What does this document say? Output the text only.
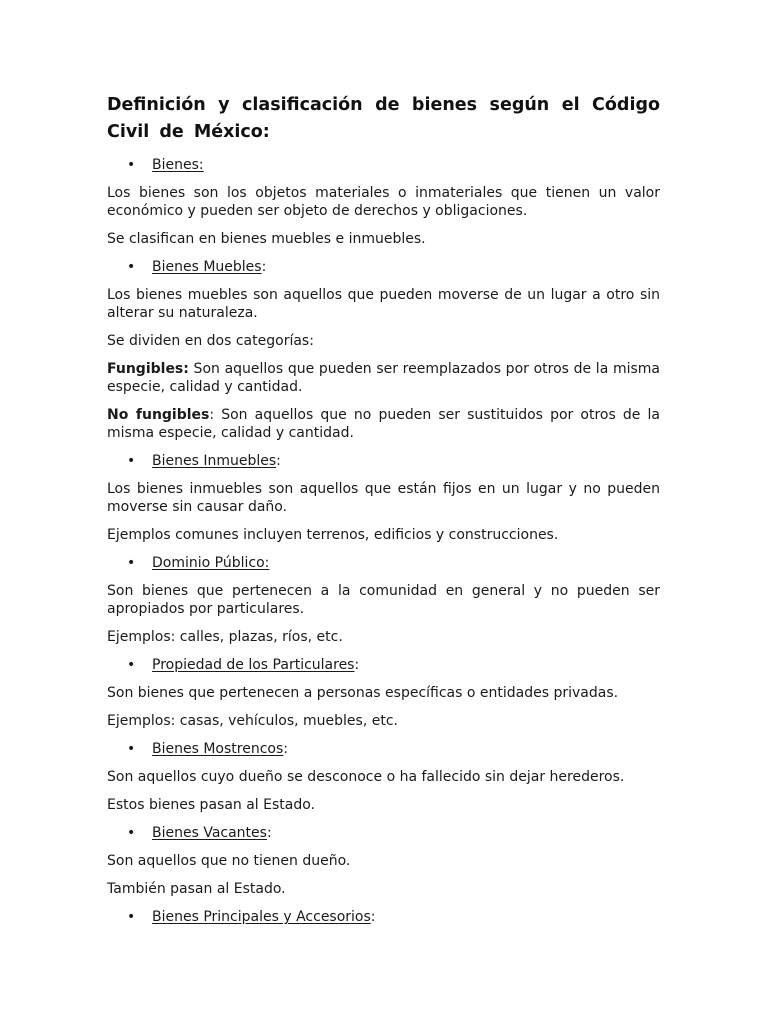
Definición y clasificación de bienes según el Código Civil de México:
• Bienes:

Los bienes son los objetos materiales o inmateriales que tienen un valor económico y pueden ser objeto de derechos y obligaciones.

Se clasifican en bienes muebles e inmuebles.

• Bienes Muebles:

Los bienes muebles son aquellos que pueden moverse de un lugar a otro sin alterar su naturaleza.

Se dividen en dos categorías:

Fungibles: Son aquellos que pueden ser reemplazados por otros de la misma especie, calidad y cantidad.

No fungibles: Son aquellos que no pueden ser sustituidos por otros de la misma especie, calidad y cantidad.

• Bienes Inmuebles:

Los bienes inmuebles son aquellos que están fijos en un lugar y no pueden moverse sin causar daño.

Ejemplos comunes incluyen terrenos, edificios y construcciones.

• Dominio Público:

Son bienes que pertenecen a la comunidad en general y no pueden ser apropiados por particulares.

Ejemplos: calles, plazas, ríos, etc.

• Propiedad de los Particulares:

Son bienes que pertenecen a personas específicas o entidades privadas.

Ejemplos: casas, vehículos, muebles, etc.

• Bienes Mostrencos:

Son aquellos cuyo dueño se desconoce o ha fallecido sin dejar herederos.

Estos bienes pasan al Estado.

• Bienes Vacantes:

Son aquellos que no tienen dueño.

También pasan al Estado.

• Bienes Principales y Accesorios:
